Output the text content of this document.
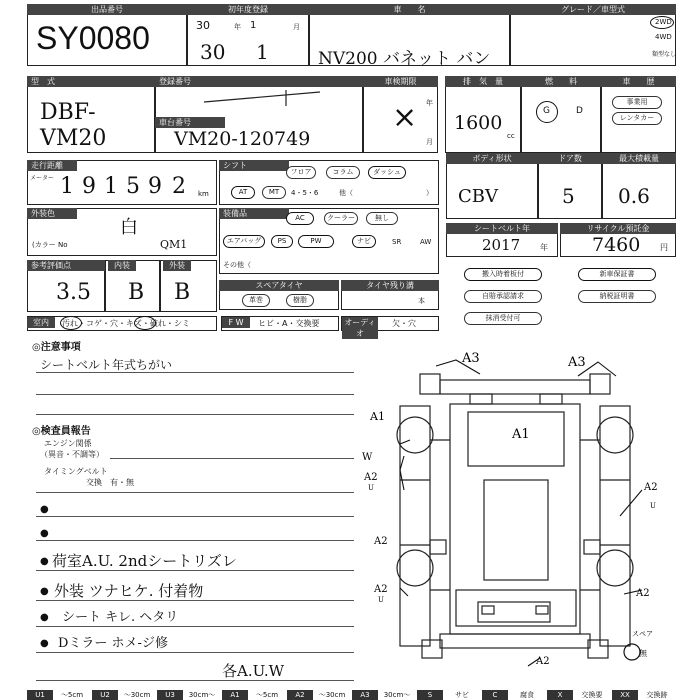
出品番号
SY0080
初年度登録
30	年 1	月
30 1
車　　名
NV200 バネット バン
グレード／車型式
2WD
4WD
類型なし
型　式
DBF-VM20
登録番号
車台番号
VM20-120749
車検期限
年
月
×
排　気　量
1600
cc
燃　　料
G	D
車　　歴
事業用
レンタカー
走行距離
メーター 1 9 1 5 9 2 km
シフト
フロア	コラム	ダッシュ
AT	MT	4・5・6	他（	）
ボディ形状
CBV
ドア数
5
最大積載量
0.6
外装色
白
(カラー No	QM1
装備品	AC	クーラー	無し
エアバッグ	PS	PW	ナビ	SR	AW
その他（
シートベルト年
2017 年
リサイクル預託金
7460 円
参考評価点
3.5
内装
B
外装
B	スペアタイヤ
革巻	樹脂
タイヤ残り溝
本
搬入時着板付	新車保証書
自賠承認請求	納税証明書
抹消受付可
室内	汚れ・コゲ・穴・キズ・破れ・シミ	F W	ヒビ・A・交換要	オーディオ
欠・穴
◎注意事項
シートベルト年式ちがい
◎検査員報告
エンジン関係
（異音・不調等）
タイミングベルト
交換　有・無
●
●
● 荷室A.U. 2ndシートリズレ
● 外装 ツナヒケ. 付着物
● シート キレ. ヘタリ
● Dミラー ホメ-ジ修
各A.U.W
A3	A3
A1
A1
W
A2
U
A2
A2
U
A2
U
A2
A2
スペア
無
U1	～5cm	U2	～30cm	U3	30cm～	A1	～5cm	A2	～30cm	A3	30cm～	S	サビ	C	腐食	X	交換要	XX	交換跡
